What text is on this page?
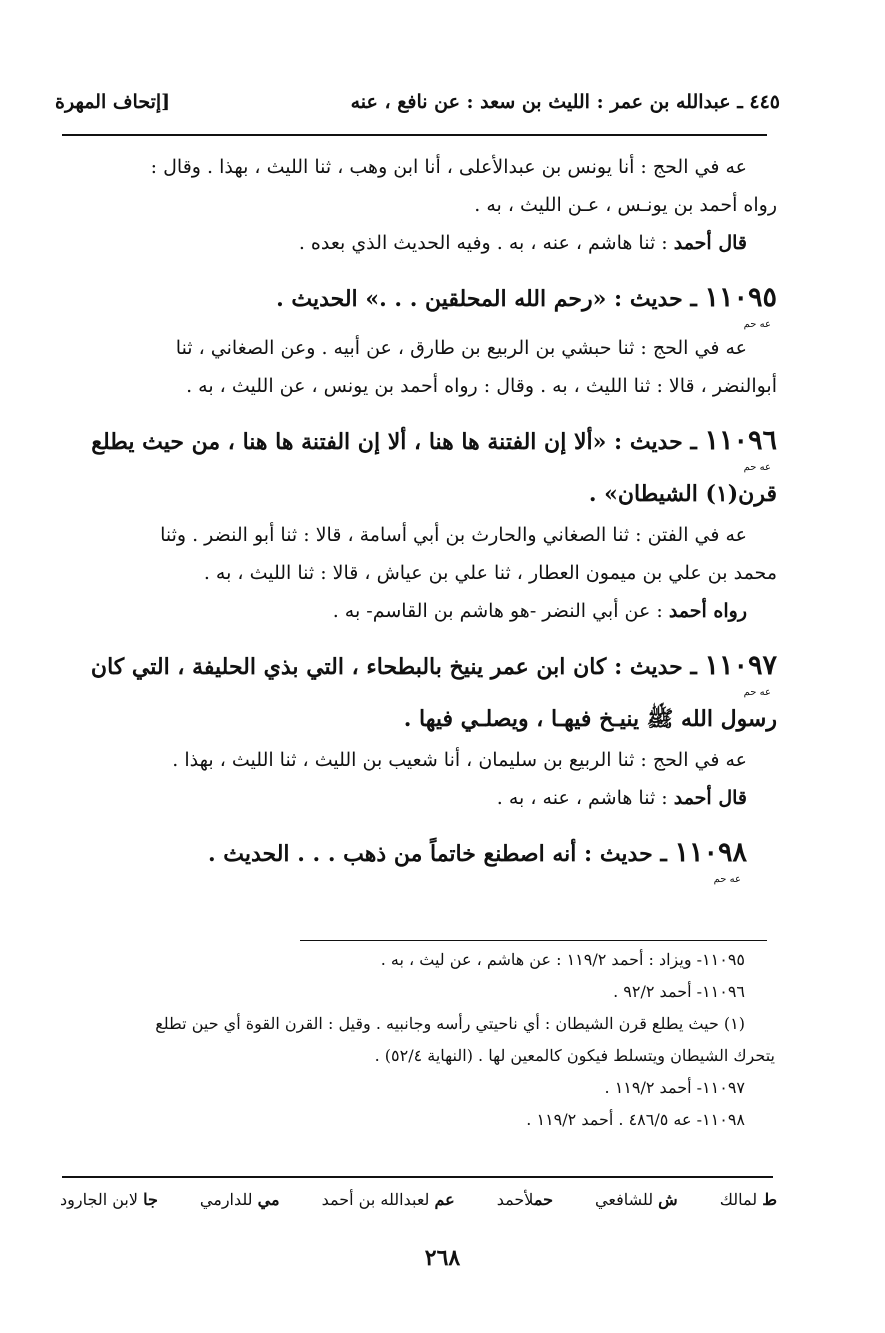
٤٤٥ ـ عبدالله بن عمر : الليث بن سعد : عن نافع ، عنه
[إتحاف المهرة
عه في الحج : أنا يونس بن عبدالأعلى ، أنا ابن وهب ، ثنا الليث ، بهذا . وقال :
رواه أحمد بن يونـس ، عـن الليث ، به .
قال أحمد : ثنا هاشم ، عنه ، به . وفيه الحديث الذي بعده .
١١٠٩٥ ـ حديث : «رحم الله المحلقين . . .» الحديث .
عه حم
عه في الحج : ثنا حبشي بن الربيع بن طارق ، عن أبيه . وعن الصغاني ، ثنا
أبوالنضر ، قالا : ثنا الليث ، به . وقال : رواه أحمد بن يونس ، عن الليث ، به .
١١٠٩٦ ـ حديث : «ألا إن الفتنة ها هنا ، ألا إن الفتنة ها هنا ، من حيث يطلع
عه حم
قرن(١) الشيطان» .
عه في الفتن : ثنا الصغاني والحارث بن أبي أسامة ، قالا : ثنا أبو النضر . وثنا
محمد بن علي بن ميمون العطار ، ثنا علي بن عياش ، قالا : ثنا الليث ، به .
رواه أحمد : عن أبي النضر -هو هاشم بن القاسم- به .
١١٠٩٧ ـ حديث : كان ابن عمر ينيخ بالبطحاء ، التي بذي الحليفة ، التي كان
عه حم
رسول الله ﷺ ينيـخ فيهـا ، ويصلـي فيها .
عه في الحج : ثنا الربيع بن سليمان ، أنا شعيب بن الليث ، ثنا الليث ، بهذا .
قال أحمد : ثنا هاشم ، عنه ، به .
١١٠٩٨ ـ حديث : أنه اصطنع خاتماً من ذهب . . . الحديث .
عه حم
١١٠٩٥- ويزاد : أحمد ١١٩/٢ : عن هاشم ، عن ليث ، به .
١١٠٩٦- أحمد ٩٢/٢ .
(١) حيث يطلع قرن الشيطان : أي ناحيتي رأسه وجانبيه . وقيل : القرن القوة أي حين تطلع
يتحرك الشيطان ويتسلط فيكون كالمعين لها . (النهاية ٥٢/٤) .
١١٠٩٧- أحمد ١١٩/٢ .
١١٠٩٨- عه ٤٨٦/٥ . أحمد ١١٩/٢ .
ط لمالك
ش للشافعي
حملأحمد
عم لعبدالله بن أحمد
مي للدارمي
جا لابن الجارود
٢٦٨
